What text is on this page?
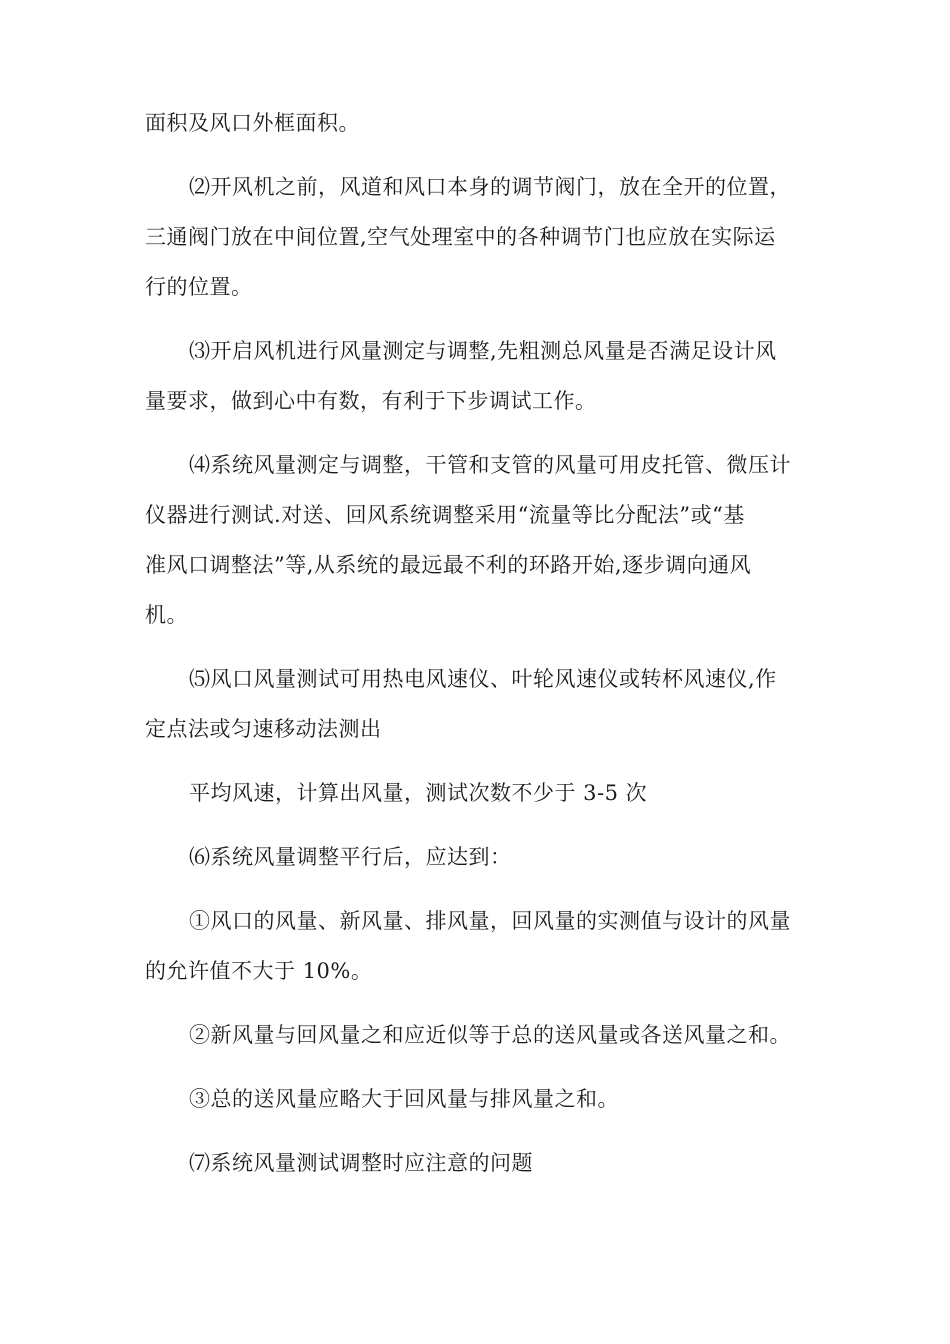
面积及风口外框面积。
⑵开风机之前，风道和风口本身的调节阀门，放在全开的位置，
三通阀门放在中间位置,空气处理室中的各种调节门也应放在实际运
行的位置。
⑶开启风机进行风量测定与调整,先粗测总风量是否满足设计风
量要求，做到心中有数，有利于下步调试工作。
⑷系统风量测定与调整，干管和支管的风量可用皮托管、微压计
仪器进行测试.对送、回风系统调整采用“流量等比分配法”或“基
准风口调整法”等,从系统的最远最不利的环路开始,逐步调向通风
机。
⑸风口风量测试可用热电风速仪、叶轮风速仪或转杯风速仪,作
定点法或匀速移动法测出
平均风速，计算出风量，测试次数不少于 3-5 次
⑹系统风量调整平行后，应达到：
①风口的风量、新风量、排风量，回风量的实测值与设计的风量
的允许值不大于 10%。
②新风量与回风量之和应近似等于总的送风量或各送风量之和。
③总的送风量应略大于回风量与排风量之和。
⑺系统风量测试调整时应注意的问题
